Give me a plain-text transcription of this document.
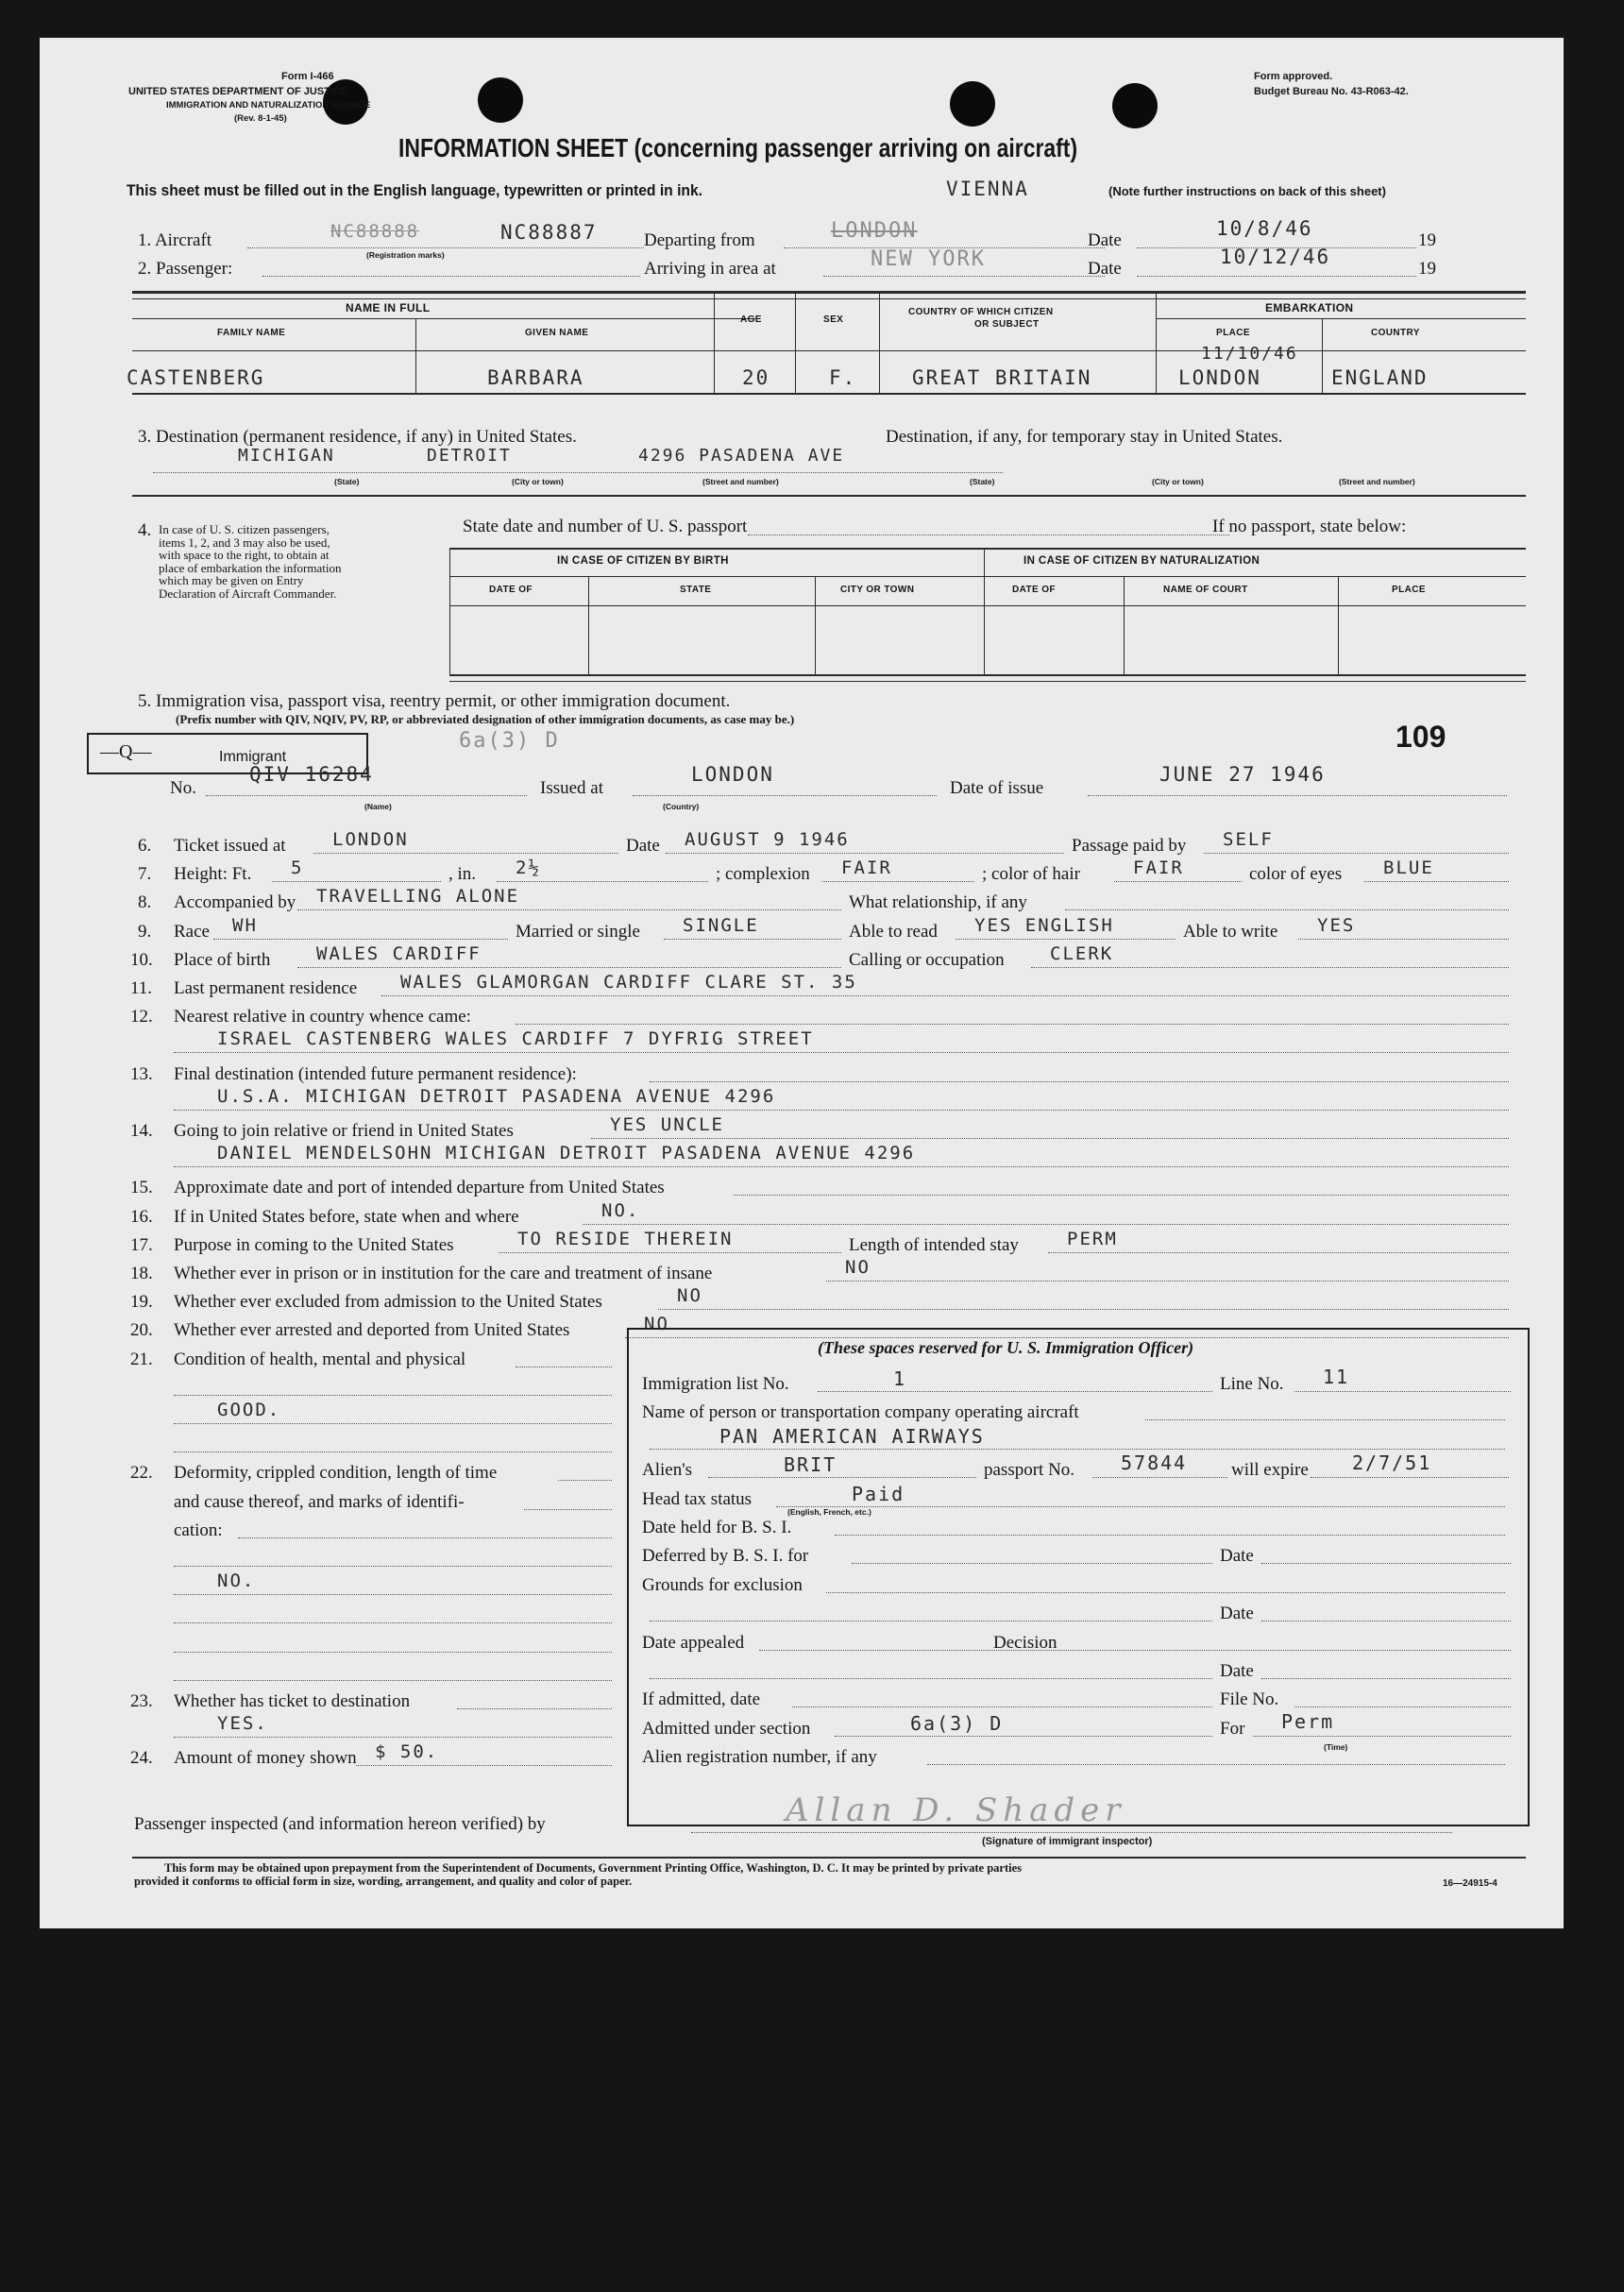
Form I-466
UNITED STATES DEPARTMENT OF JUSTICE
IMMIGRATION AND NATURALIZATION SERVICE
(Rev. 8-1-45)
Form approved.
Budget Bureau No. 43-R063-42.
INFORMATION SHEET (concerning passenger arriving on aircraft)
This sheet must be filled out in the English language, typewritten or printed in ink.	VIENNA	(Note further instructions on back of this sheet)
1. Aircraft	NC88888	NC88887
(Registration marks)
Departing from	LONDON	Date
10/8/46
19
2. Passenger:	Arriving in area at	NEW YORK	Date
10/12/46
19
NAME IN FULL
FAMILY NAME	GIVEN NAME
AGE	SEX
COUNTRY OF WHICH CITIZEN
OR SUBJECT
EMBARKATION
PLACE	COUNTRY
11/10/46
CASTENBERG	BARBARA	20	F.	GREAT BRITAIN	LONDON	ENGLAND
3. Destination (permanent residence, if any) in United States.	Destination, if any, for temporary stay in United States.
MICHIGAN	DETROIT	4296 PASADENA AVE
(State)	(City or town)	(Street and number)	(State)	(City or town)	(Street and number)
4. In case of U. S. citizen passengers, items 1, 2, and 3 may also be used, with space to the right, to obtain at place of embarkation the information which may be given on Entry Declaration of Aircraft Commander.
State date and number of U. S. passport	If no passport, state below:
IN CASE OF CITIZEN BY BIRTH	IN CASE OF CITIZEN BY NATURALIZATION
DATE OF	STATE	CITY OR TOWN	DATE OF	NAME OF COURT	PLACE
5. Immigration visa, passport visa, reentry permit, or other immigration document.
(Prefix number with QIV, NQIV, PV, RP, or abbreviated designation of other immigration documents, as case may be.)
109
—Q—	Immigrant
6a(3) D
No.
QIV 16284
Issued at
LONDON
Date of issue
JUNE 27 1946
(Name)	(Country)
6. Ticket issued at	LONDON	Date AUGUST 9 1946	Passage paid by SELF
7. Height: Ft. 5	, in. 2½	; complexion FAIR	; color of hair	FAIR	color of eyes BLUE
8. Accompanied by TRAVELLING ALONE	What relationship, if any
9. Race WH	Married or single SINGLE	Able to read YES ENGLISH	Able to write YES
10. Place of birth	WALES CARDIFF	Calling or occupation	CLERK
11. Last permanent residence WALES GLAMORGAN CARDIFF CLARE ST. 35
12. Nearest relative in country whence came:
ISRAEL CASTENBERG WALES CARDIFF 7 DYFRIG STREET
13. Final destination (intended future permanent residence):
U.S.A. MICHIGAN DETROIT PASADENA AVENUE 4296
14. Going to join relative or friend in United States	YES UNCLE
DANIEL MENDELSOHN MICHIGAN DETROIT PASADENA AVENUE 4296
15. Approximate date and port of intended departure from United States
16. If in United States before, state when and where	NO.
17. Purpose in coming to the United States	TO RESIDE THEREIN	Length of intended stay	PERM
18. Whether ever in prison or in institution for the care and treatment of insane	NO
19. Whether ever excluded from admission to the United States	NO
20. Whether ever arrested and deported from United States	NO
21. Condition of health, mental and physical
GOOD.
22. Deformity, crippled condition, length of time
and cause thereof, and marks of identifi-
cation:
NO.
23. Whether has ticket to destination
YES.
24. Amount of money shown $ 50.
(These spaces reserved for U. S. Immigration Officer)
Immigration list No.	1	Line No. 11
Name of person or transportation company operating aircraft
PAN AMERICAN AIRWAYS
Alien's	BRIT	passport No. 57844 will expire 2/7/51
Head tax status	Paid
Date held for B. S. I.
Deferred by B. S. I. for	Date
Grounds for exclusion
Date
Date appealed	Decision
Date
If admitted, date	File No.
Admitted under section	6a(3) D	For Perm
Alien registration number, if any
(English, French, etc.)
(Time)
Passenger inspected (and information hereon verified) by	Allan D. Shader
(Signature of immigrant inspector)
This form may be obtained upon prepayment from the Superintendent of Documents, Government Printing Office, Washington, D. C. It may be printed by private parties
provided it conforms to official form in size, wording, arrangement, and quality and color of paper.	16—24915-4
